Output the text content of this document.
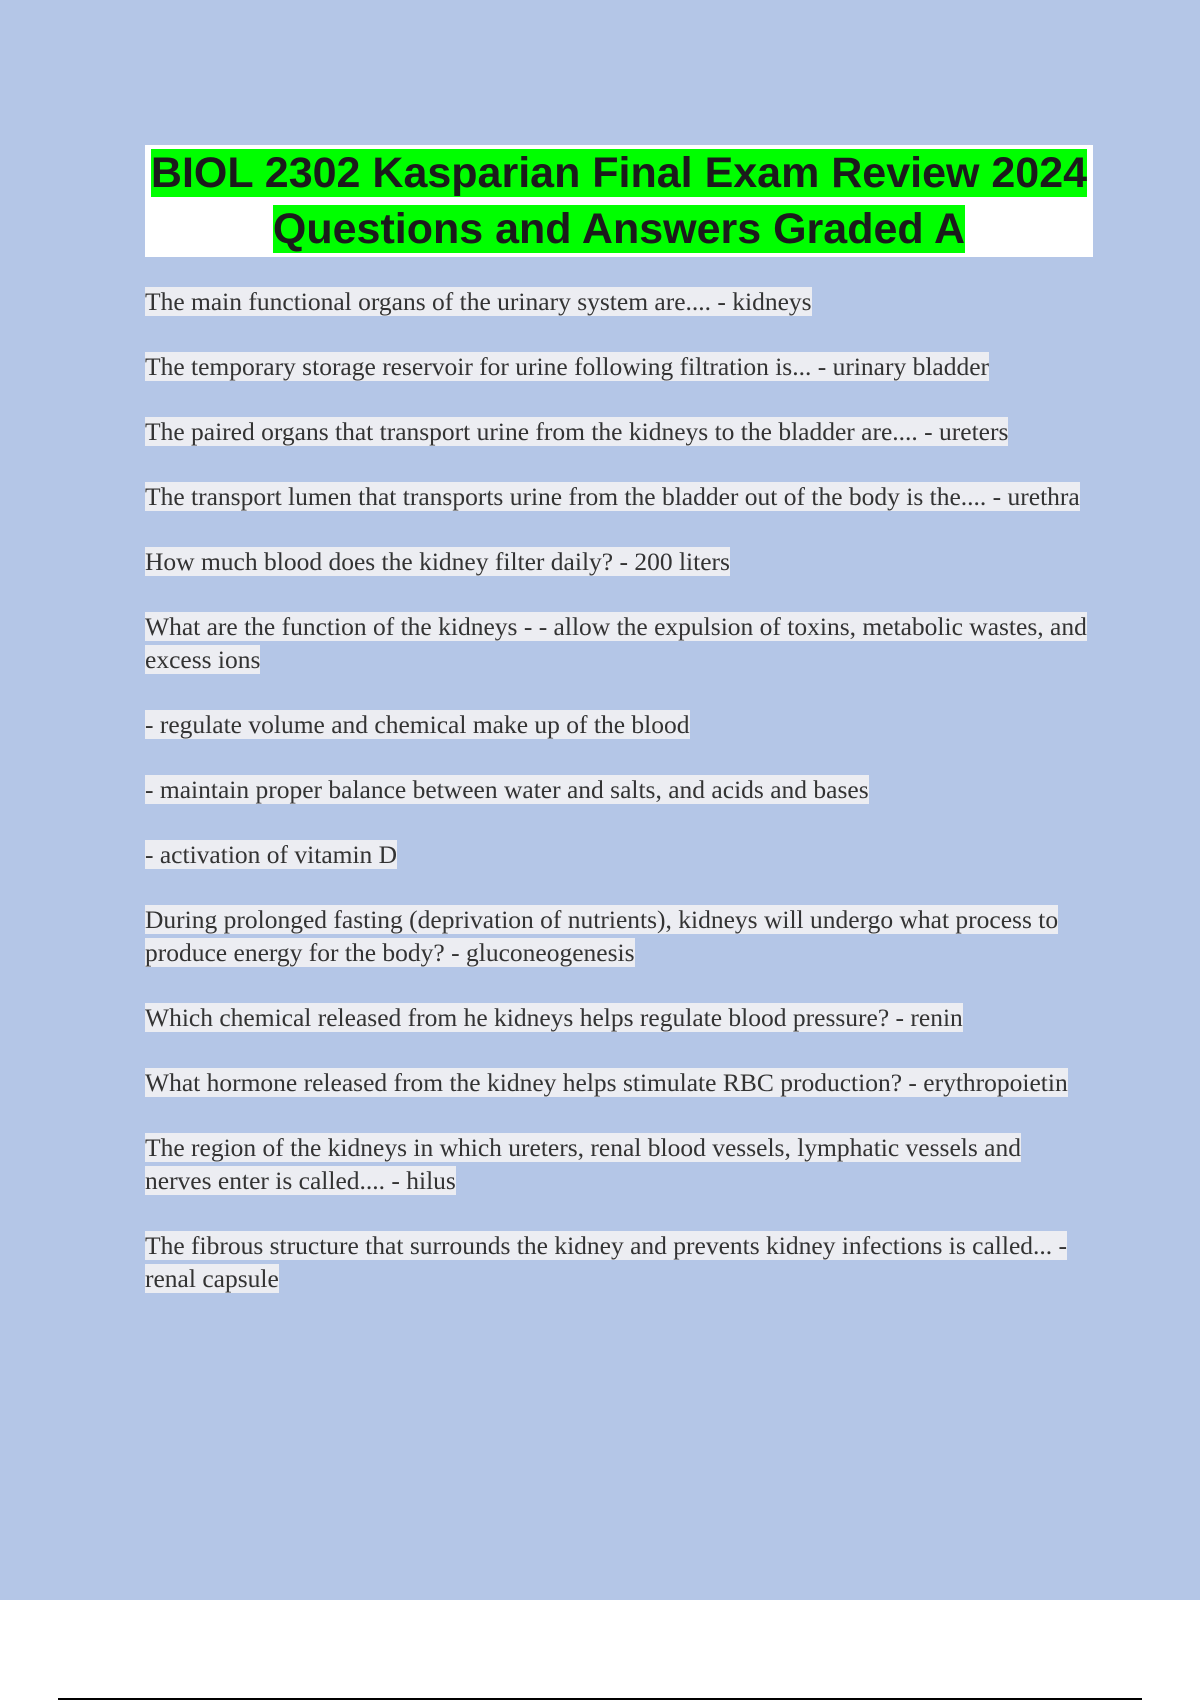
BIOL 2302 Kasparian Final Exam Review 2024 Questions and Answers Graded A

The main functional organs of the urinary system are.... - kidneys

The temporary storage reservoir for urine following filtration is... - urinary bladder

The paired organs that transport urine from the kidneys to the bladder are.... - ureters

The transport lumen that transports urine from the bladder out of the body is the.... - urethra

How much blood does the kidney filter daily? - 200 liters

What are the function of the kidneys - - allow the expulsion of toxins, metabolic wastes, and excess ions

- regulate volume and chemical make up of the blood

- maintain proper balance between water and salts, and acids and bases

- activation of vitamin D

During prolonged fasting (deprivation of nutrients), kidneys will undergo what process to produce energy for the body? - gluconeogenesis

Which chemical released from he kidneys helps regulate blood pressure? - renin

What hormone released from the kidney helps stimulate RBC production? - erythropoietin

The region of the kidneys in which ureters, renal blood vessels, lymphatic vessels and nerves enter is called.... - hilus

The fibrous structure that surrounds the kidney and prevents kidney infections is called... - renal capsule
